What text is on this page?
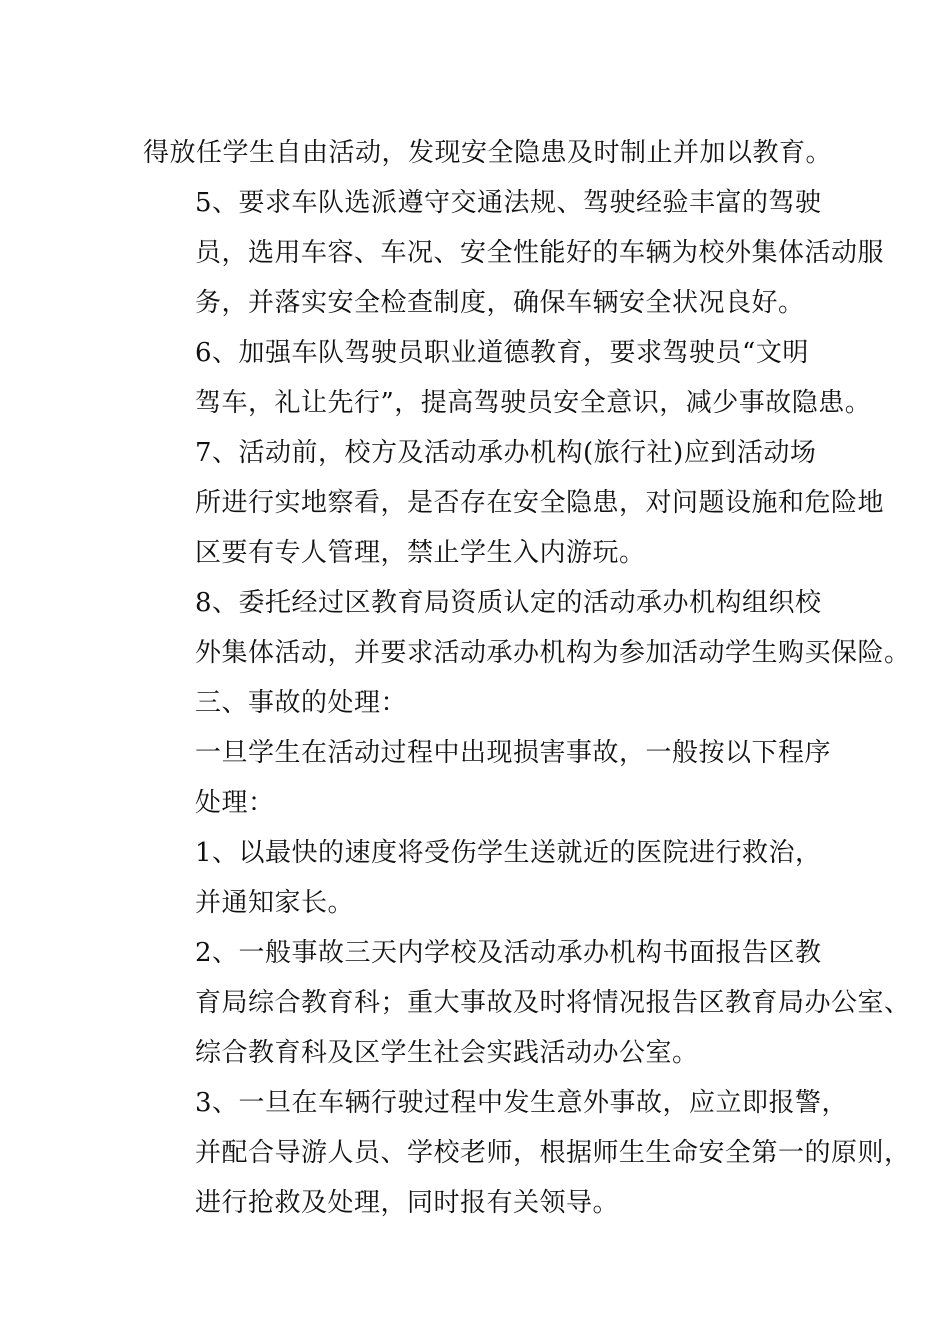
得放任学生自由活动，发现安全隐患及时制止并加以教育。

5、要求车队选派遵守交通法规、驾驶经验丰富的驾驶
员，选用车容、车况、安全性能好的车辆为校外集体活动服
务，并落实安全检查制度，确保车辆安全状况良好。

6、加强车队驾驶员职业道德教育，要求驾驶员“文明
驾车，礼让先行”，提高驾驶员安全意识，减少事故隐患。

7、活动前，校方及活动承办机构(旅行社)应到活动场
所进行实地察看，是否存在安全隐患，对问题设施和危险地
区要有专人管理，禁止学生入内游玩。

8、委托经过区教育局资质认定的活动承办机构组织校
外集体活动，并要求活动承办机构为参加活动学生购买保险。

三、事故的处理：

一旦学生在活动过程中出现损害事故，一般按以下程序
处理：

1、以最快的速度将受伤学生送就近的医院进行救治，
并通知家长。

2、一般事故三天内学校及活动承办机构书面报告区教
育局综合教育科；重大事故及时将情况报告区教育局办公室、
综合教育科及区学生社会实践活动办公室。

3、一旦在车辆行驶过程中发生意外事故，应立即报警，
并配合导游人员、学校老师，根据师生生命安全第一的原则，
进行抢救及处理，同时报有关领导。
